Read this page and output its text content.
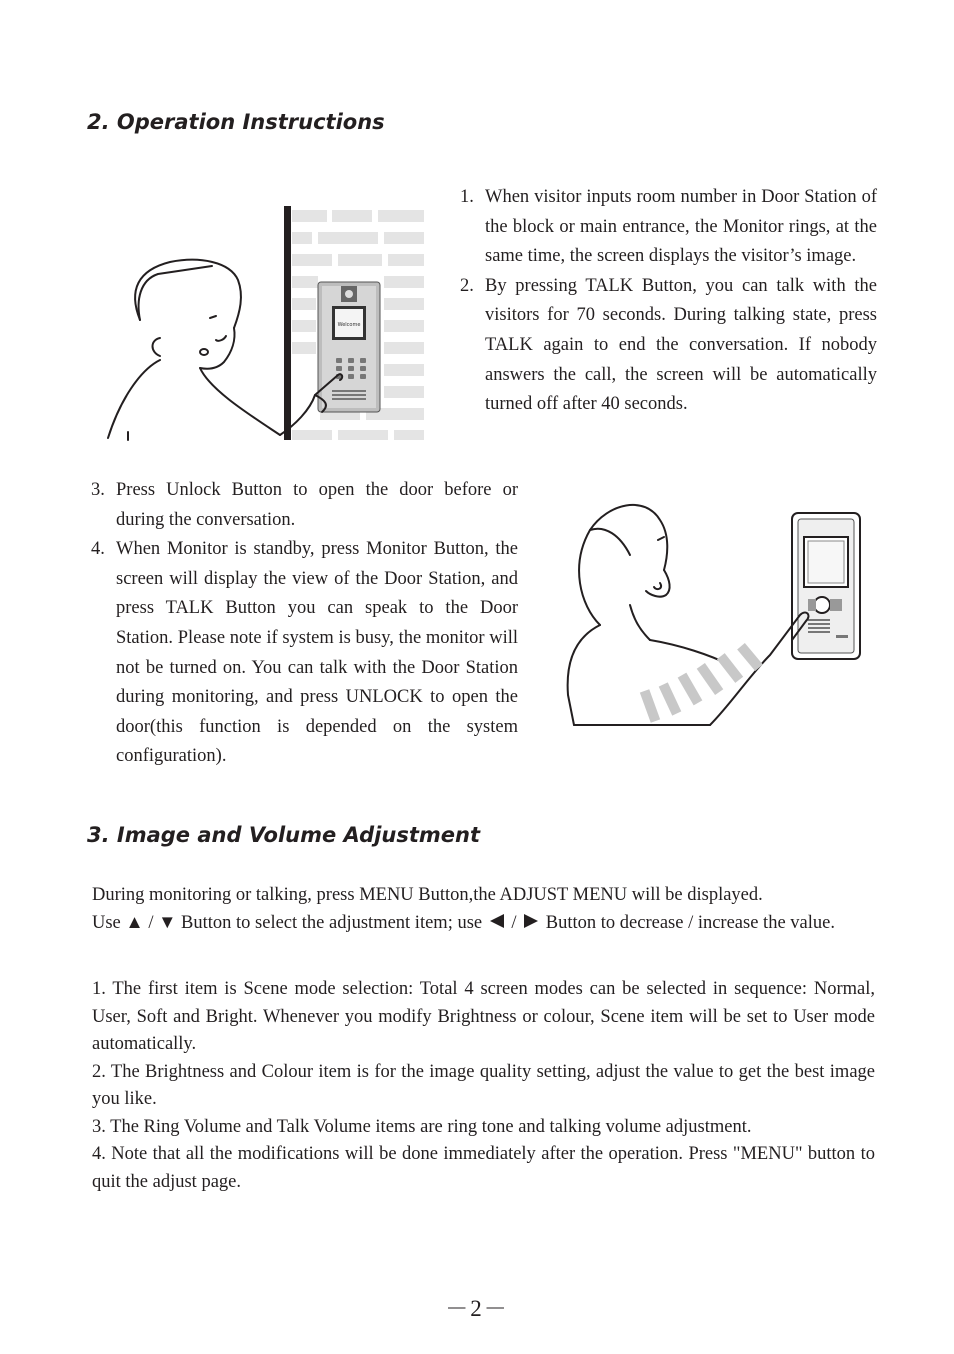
2. Operation Instructions
Welcome
1. When visitor inputs room number in Door Station of the block or main entrance, the Monitor rings, at the same time, the screen displays the visitor’s image.
2. By pressing TALK Button, you can talk with the visitors for 70 seconds. During talking state, press TALK again to end the conversation. If nobody answers the call, the screen will be automatically turned off after 40 seconds.
3. Press Unlock Button to open the door before or during the conversation.
4. When Monitor is standby, press Monitor Button, the screen will display the view of the Door Station, and press TALK Button you can speak to the Door Station. Please note if system is busy, the monitor will not be turned on. You can talk with the Door Station during monitoring, and press UNLOCK to open the door(this function is depended on the system configuration).
3. Image and Volume Adjustment

During monitoring or talking, press MENU Button,the ADJUST MENU will be displayed.
Use ▲ / ▼ Button to select the adjustment item; use / Button to decrease / increase the value.

1. The first item is Scene mode selection: Total 4 screen modes can be selected in sequence: Normal, User, Soft and Bright. Whenever you modify Brightness or colour, Scene item will be set to User mode automatically.
2. The Brightness and Colour item is for the image quality setting, adjust the value to get the best image you like.
3. The Ring Volume and Talk Volume items are ring tone and talking volume adjustment.
4. Note that all the modifications will be done immediately after the operation. Press "MENU" button to quit the adjust page.
－2－
